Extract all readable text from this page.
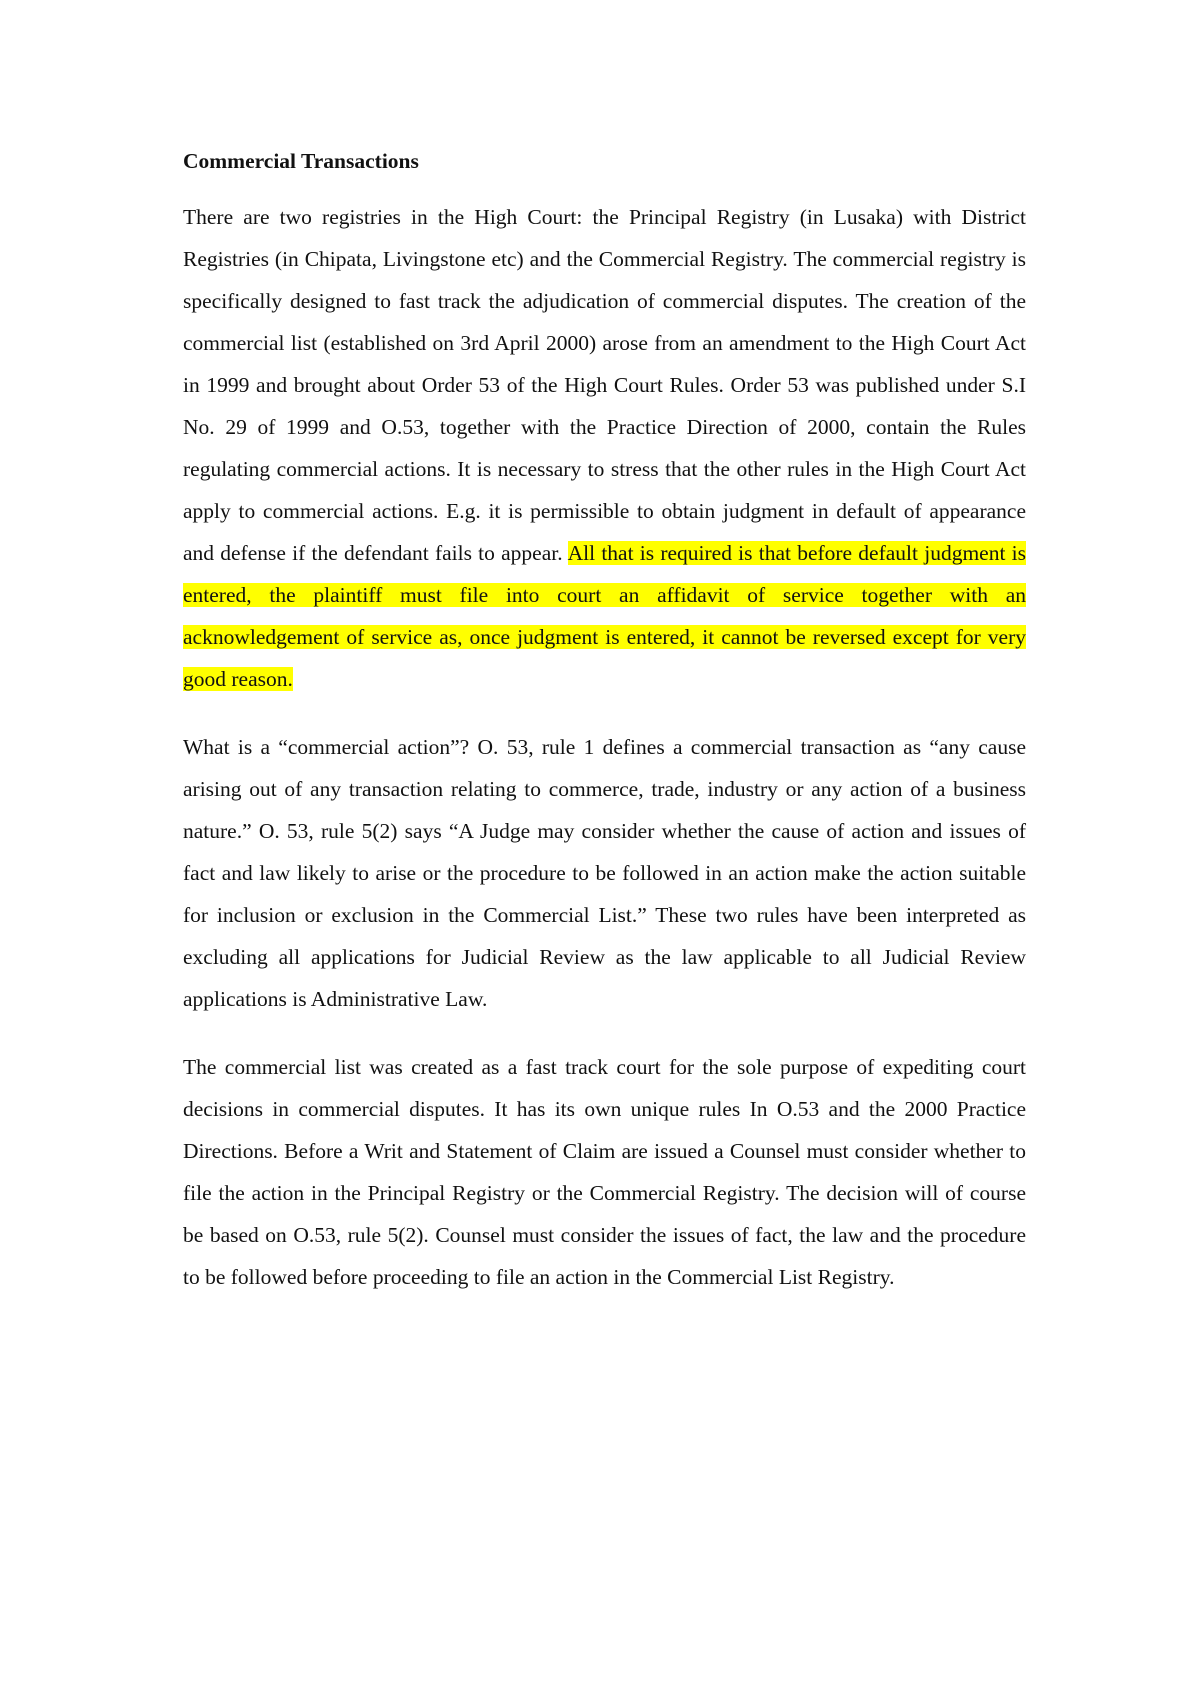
Commercial Transactions

There are two registries in the High Court: the Principal Registry (in Lusaka) with District Registries (in Chipata, Livingstone etc) and the Commercial Registry. The commercial registry is specifically designed to fast track the adjudication of commercial disputes. The creation of the commercial list (established on 3rd April 2000) arose from an amendment to the High Court Act in 1999 and brought about Order 53 of the High Court Rules. Order 53 was published under S.I No. 29 of 1999 and O.53, together with the Practice Direction of 2000, contain the Rules regulating commercial actions. It is necessary to stress that the other rules in the High Court Act apply to commercial actions. E.g. it is permissible to obtain judgment in default of appearance and defense if the defendant fails to appear. All that is required is that before default judgment is entered, the plaintiff must file into court an affidavit of service together with an acknowledgement of service as, once judgment is entered, it cannot be reversed except for very good reason.

What is a “commercial action”? O. 53, rule 1 defines a commercial transaction as “any cause arising out of any transaction relating to commerce, trade, industry or any action of a business nature.” O. 53, rule 5(2) says “A Judge may consider whether the cause of action and issues of fact and law likely to arise or the procedure to be followed in an action make the action suitable for inclusion or exclusion in the Commercial List.” These two rules have been interpreted as excluding all applications for Judicial Review as the law applicable to all Judicial Review applications is Administrative Law.

The commercial list was created as a fast track court for the sole purpose of expediting court decisions in commercial disputes. It has its own unique rules In O.53 and the 2000 Practice Directions. Before a Writ and Statement of Claim are issued a Counsel must consider whether to file the action in the Principal Registry or the Commercial Registry. The decision will of course be based on O.53, rule 5(2). Counsel must consider the issues of fact, the law and the procedure to be followed before proceeding to file an action in the Commercial List Registry.
